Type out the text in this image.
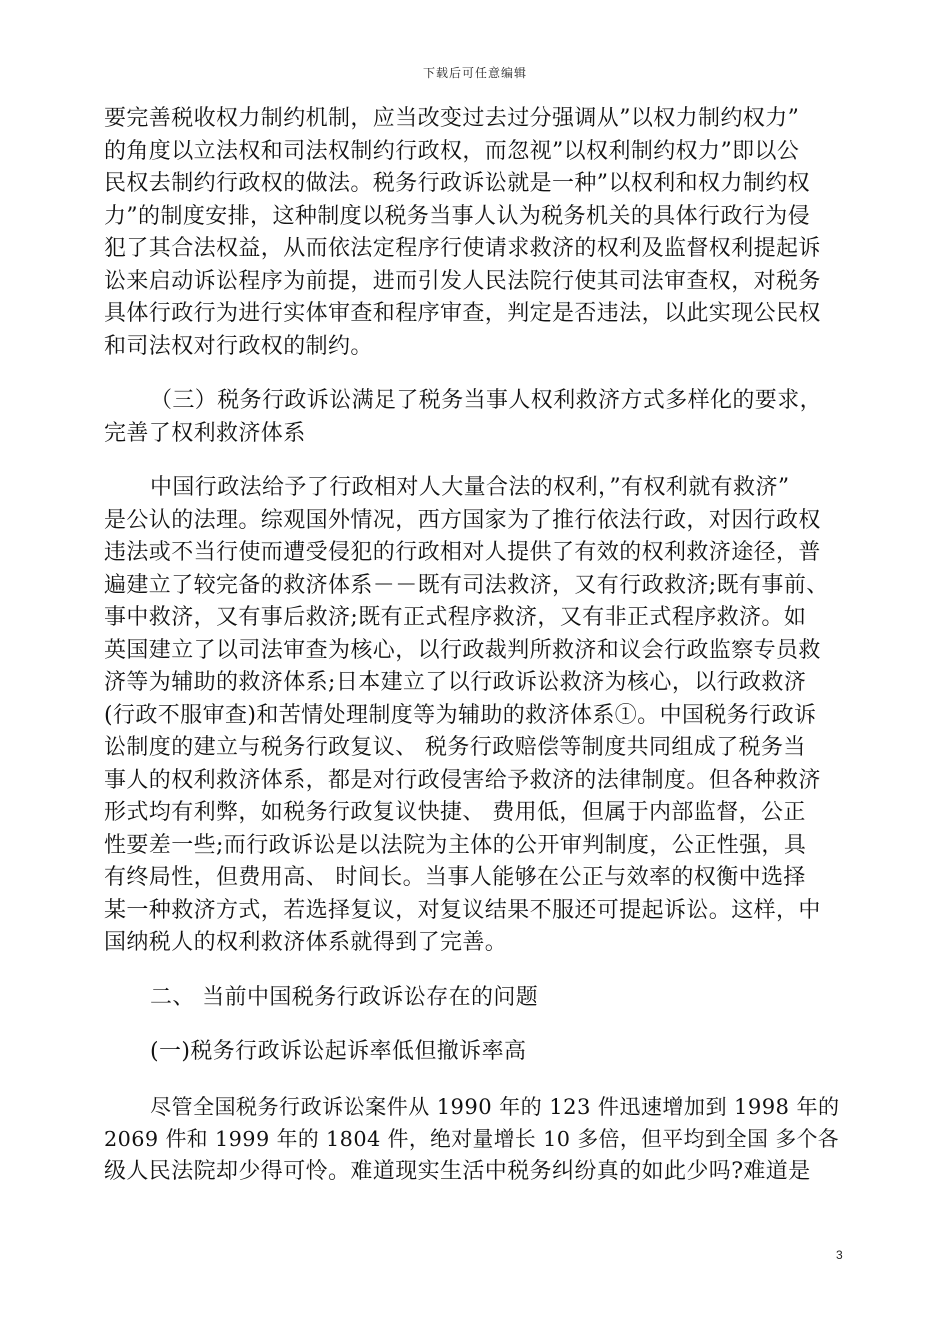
下载后可任意编辑
要完善税收权力制约机制，应当改变过去过分强调从”以权力制约权力”
的角度以立法权和司法权制约行政权，而忽视”以权利制约权力”即以公
民权去制约行政权的做法。税务行政诉讼就是一种”以权利和权力制约权
力”的制度安排，这种制度以税务当事人认为税务机关的具体行政行为侵
犯了其合法权益，从而依法定程序行使请求救济的权利及监督权利提起诉
讼来启动诉讼程序为前提，进而引发人民法院行使其司法审查权，对税务
具体行政行为进行实体审查和程序审查，判定是否违法，以此实现公民权
和司法权对行政权的制约。
（三）税务行政诉讼满足了税务当事人权利救济方式多样化的要求，
完善了权利救济体系
中国行政法给予了行政相对人大量合法的权利，”有权利就有救济”
是公认的法理。综观国外情况，西方国家为了推行依法行政，对因行政权
违法或不当行使而遭受侵犯的行政相对人提供了有效的权利救济途径，普
遍建立了较完备的救济体系－－既有司法救济，又有行政救济;既有事前、
事中救济，又有事后救济;既有正式程序救济，又有非正式程序救济。如
英国建立了以司法审查为核心，以行政裁判所救济和议会行政监察专员救
济等为辅助的救济体系;日本建立了以行政诉讼救济为核心，以行政救济
(行政不服审查)和苦情处理制度等为辅助的救济体系①。中国税务行政诉
讼制度的建立与税务行政复议、 税务行政赔偿等制度共同组成了税务当
事人的权利救济体系，都是对行政侵害给予救济的法律制度。但各种救济
形式均有利弊，如税务行政复议快捷、 费用低，但属于内部监督，公正
性要差一些;而行政诉讼是以法院为主体的公开审判制度，公正性强，具
有终局性，但费用高、 时间长。当事人能够在公正与效率的权衡中选择
某一种救济方式，若选择复议，对复议结果不服还可提起诉讼。这样，中
国纳税人的权利救济体系就得到了完善。
二、 当前中国税务行政诉讼存在的问题
(一)税务行政诉讼起诉率低但撤诉率高
尽管全国税务行政诉讼案件从 1990 年的 123 件迅速增加到 1998 年的
2069 件和 1999 年的 1804 件，绝对量增长 10 多倍，但平均到全国 多个各
级人民法院却少得可怜。难道现实生活中税务纠纷真的如此少吗?难道是
3
